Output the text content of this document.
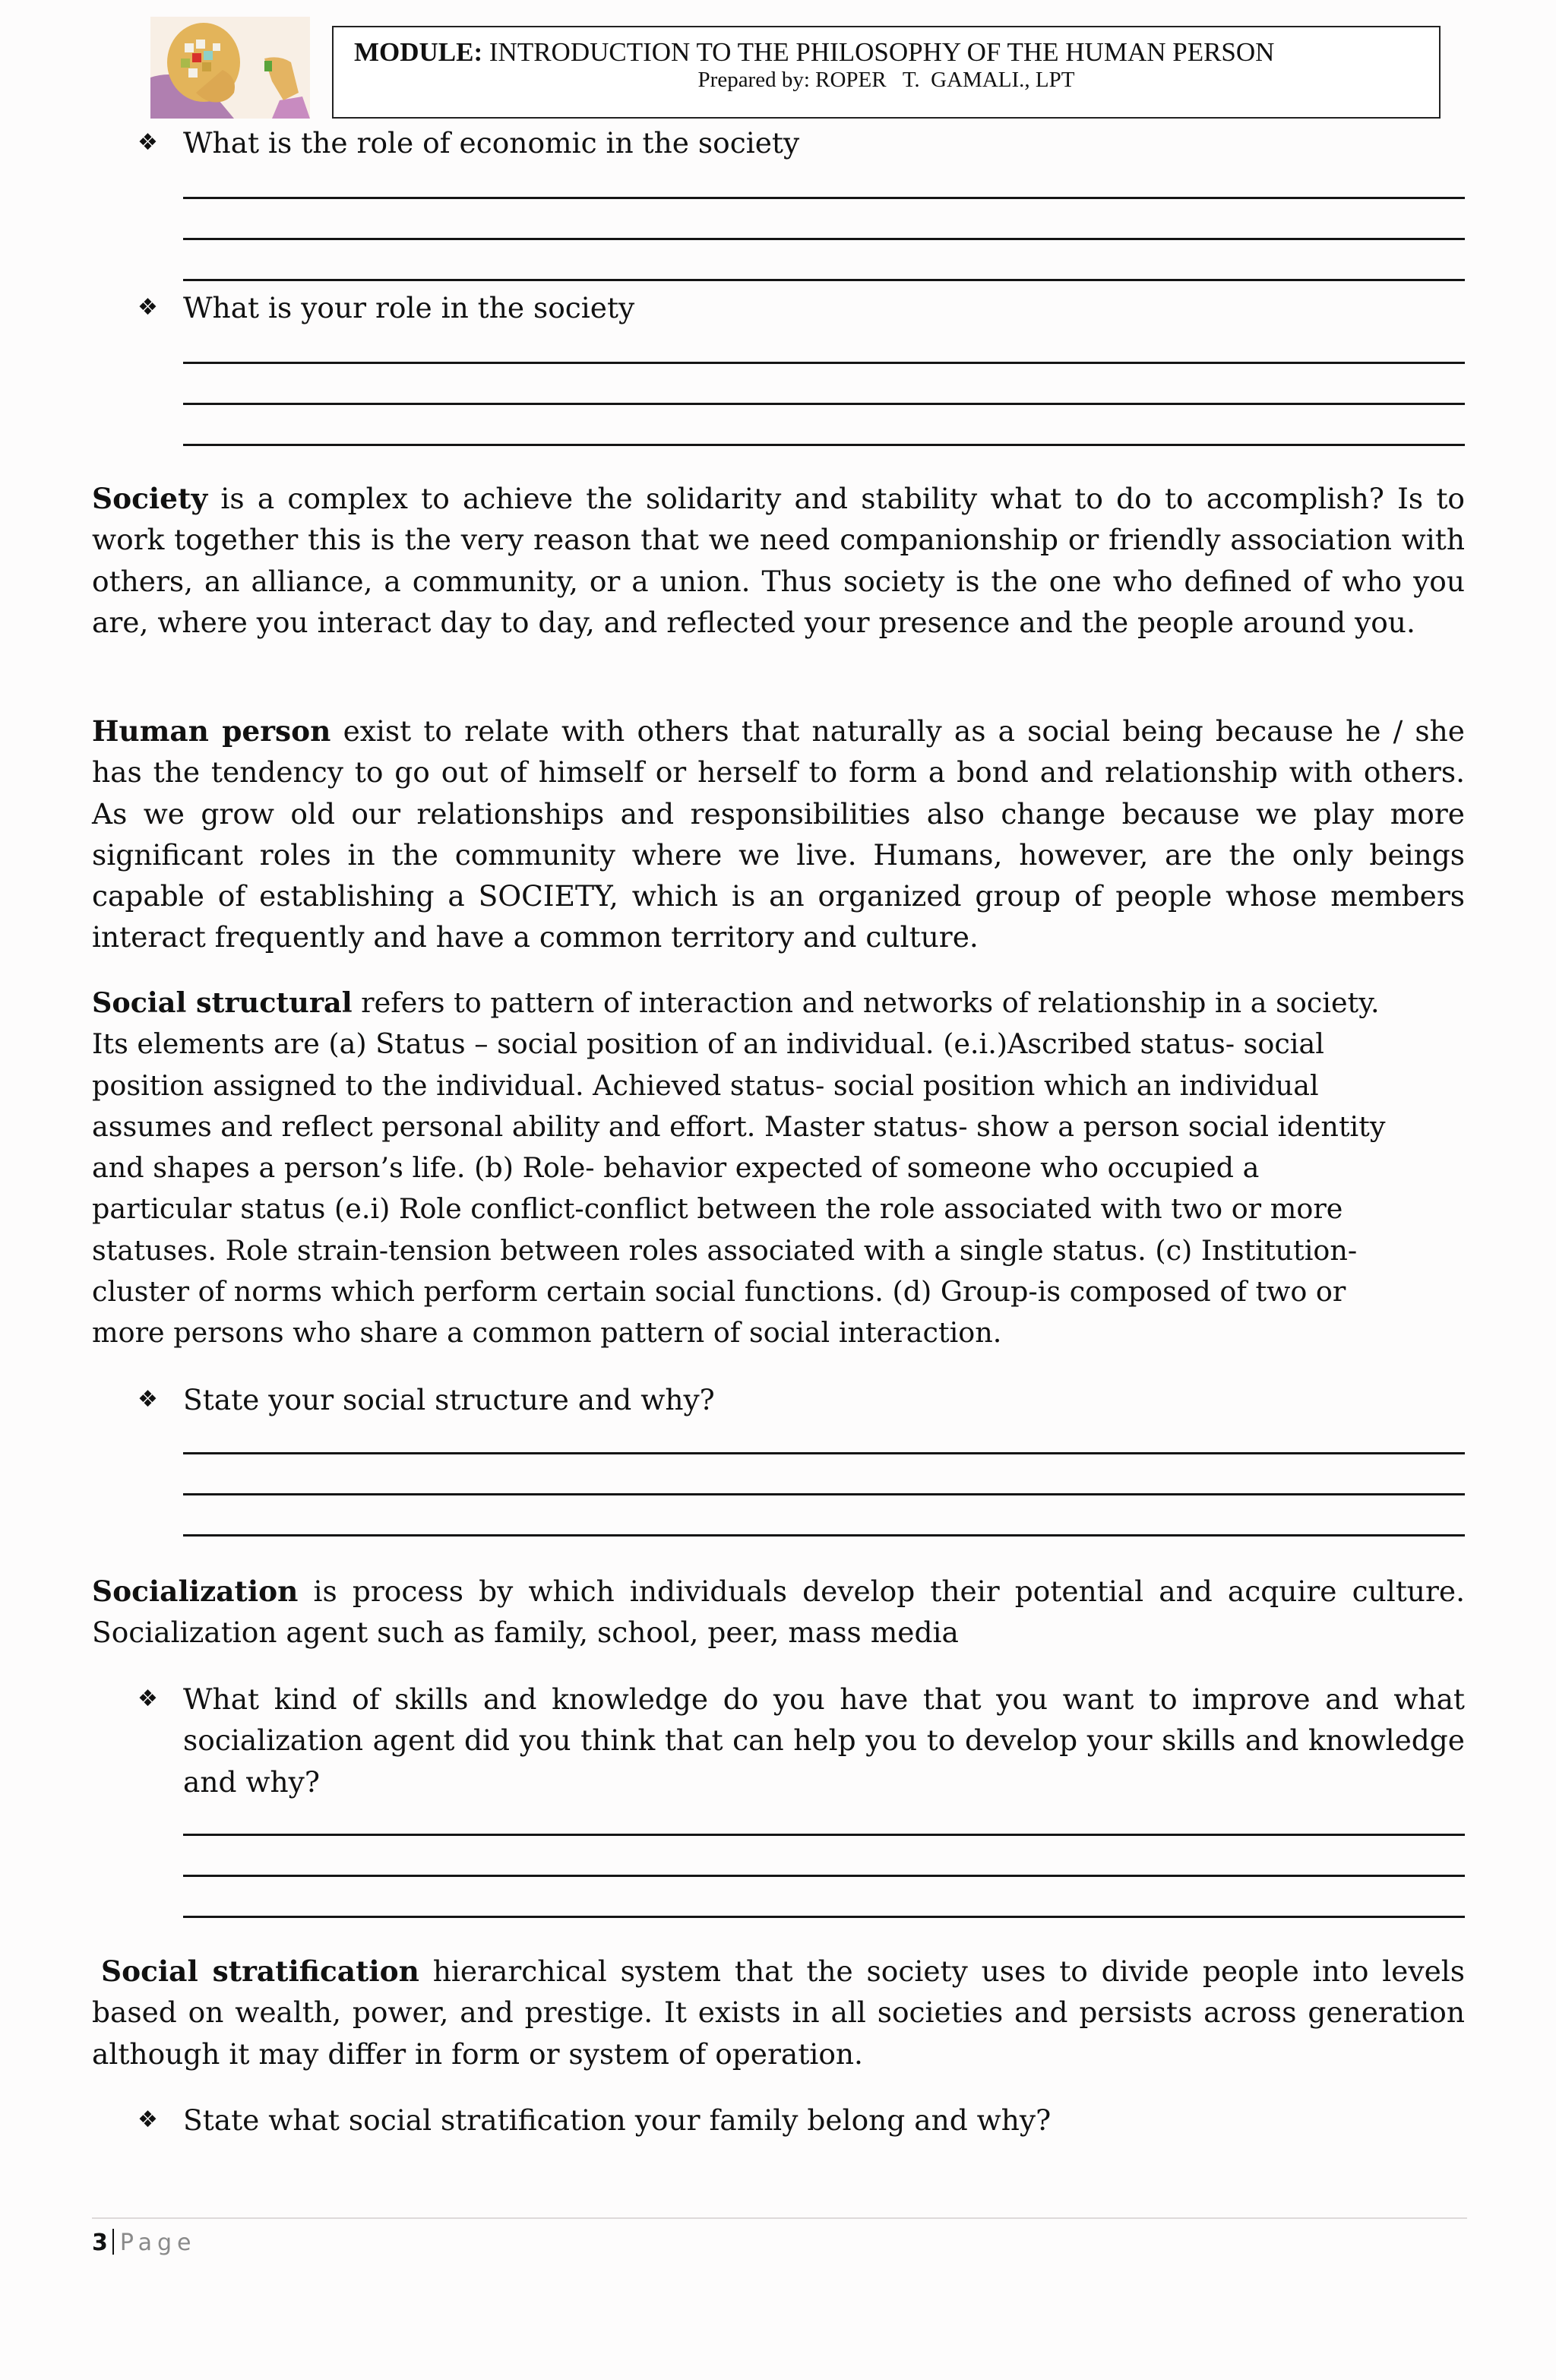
MODULE: INTRODUCTION TO THE PHILOSOPHY OF THE HUMAN PERSON
Prepared by: ROPER   T.  GAMALI., LPT
❖ What is the role of economic in the society
❖ What is your role in the society
Society is a complex to achieve the solidarity and stability what to do to accomplish? Is to work together this is the very reason that we need companionship or friendly association with others, an alliance, a community, or a union. Thus society is the one who defined of who you are, where you interact day to day, and reflected your presence and the people around you.
Human person exist to relate with others that naturally as a social being because he / she has the tendency to go out of himself or herself to form a bond and relationship with others. As we grow old our relationships and responsibilities also change because we play more significant roles in the community where we live. Humans, however, are the only beings capable of establishing a SOCIETY, which is an organized group of people whose members interact frequently and have a common territory and culture.
Social structural refers to pattern of interaction and networks of relationship in a society.
Its elements are (a) Status – social position of an individual. (e.i.)Ascribed status- social
position assigned to the individual. Achieved status- social position which an individual
assumes and reflect personal ability and effort. Master status- show a person social identity
and shapes a person’s life. (b) Role- behavior expected of someone who occupied a
particular status (e.i) Role conflict-conflict between the role associated with two or more
statuses. Role strain-tension between roles associated with a single status. (c) Institution-
cluster of norms which perform certain social functions. (d) Group-is composed of two or
more persons who share a common pattern of social interaction.
❖ State your social structure and why?
Socialization is process by which individuals develop their potential and acquire culture.
Socialization agent such as family, school, peer, mass media
❖ What kind of skills and knowledge do you have that you want to improve and what socialization agent did you think that can help you to develop your skills and knowledge and why?
Social stratification hierarchical system that the society uses to divide people into levels based on wealth, power, and prestige. It exists in all societies and persists across generation although it may differ in form or system of operation.
❖ State what social stratification your family belong and why?
3 Page
